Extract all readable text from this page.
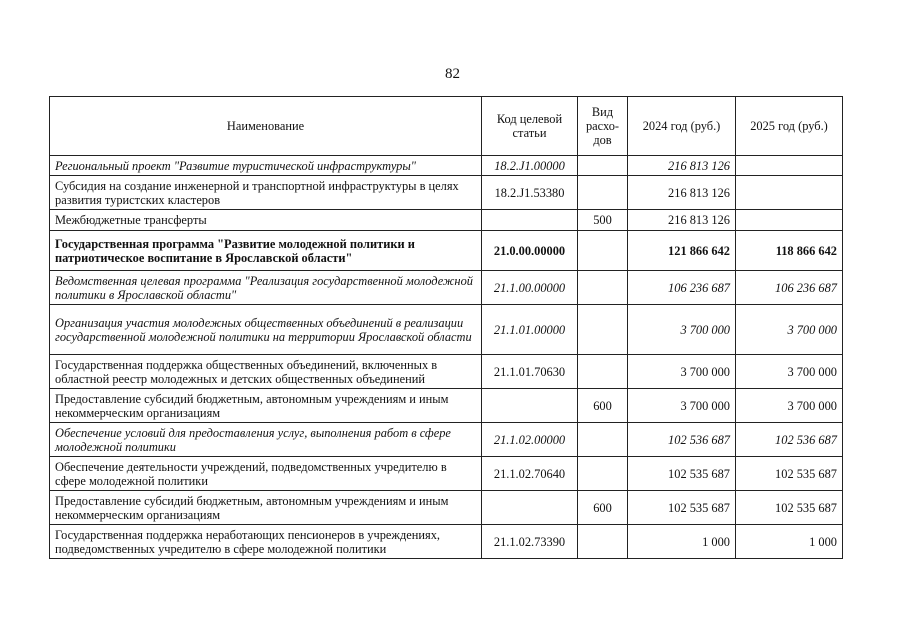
82
Наименование	Код целевой статьи	Вид расхо-дов	2024 год (руб.)	2025 год (руб.)
Региональный проект "Развитие туристической инфраструктуры"	18.2.J1.00000		216 813 126	
Субсидия на создание инженерной и транспортной инфраструктуры в целях развития туристских кластеров	18.2.J1.53380		216 813 126	
Межбюджетные трансферты		500	216 813 126	
Государственная программа "Развитие молодежной политики и патриотическое воспитание в Ярославской области"	21.0.00.00000		121 866 642	118 866 642
Ведомственная целевая программа "Реализация государственной молодежной политики в Ярославской области"	21.1.00.00000		106 236 687	106 236 687
Организация участия молодежных общественных объединений в реализации государственной молодежной политики на территории Ярославской области	21.1.01.00000		3 700 000	3 700 000
Государственная поддержка общественных объединений, включенных в областной реестр молодежных и детских общественных объединений	21.1.01.70630		3 700 000	3 700 000
Предоставление субсидий бюджетным, автономным учреждениям и иным некоммерческим организациям		600	3 700 000	3 700 000
Обеспечение условий для предоставления услуг, выполнения работ в сфере молодежной политики	21.1.02.00000		102 536 687	102 536 687
Обеспечение деятельности учреждений, подведомственных учредителю в сфере молодежной политики	21.1.02.70640		102 535 687	102 535 687
Предоставление субсидий бюджетным, автономным учреждениям и иным некоммерческим организациям		600	102 535 687	102 535 687
Государственная поддержка неработающих пенсионеров в учреждениях, подведомственных учредителю в сфере молодежной политики	21.1.02.73390		1 000	1 000
